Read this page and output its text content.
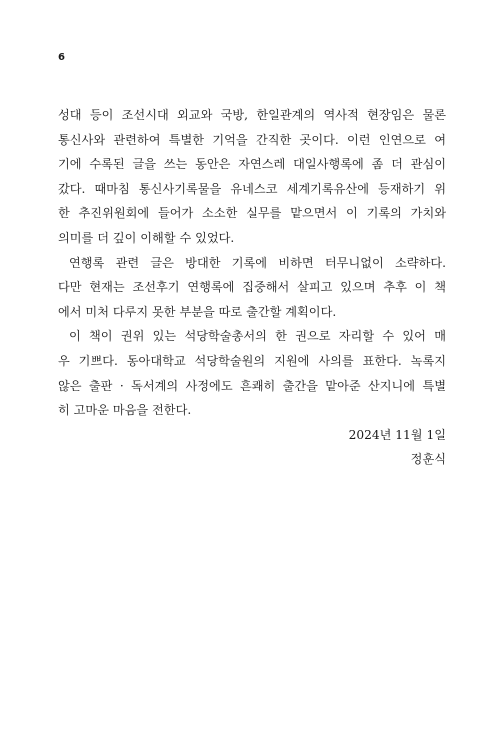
6
성대 등이 조선시대 외교와 국방, 한일관계의 역사적 현장임은 물론
통신사와 관련하여 특별한 기억을 간직한 곳이다. 이런 인연으로 여
기에 수록된 글을 쓰는 동안은 자연스레 대일사행록에 좀 더 관심이
갔다. 때마침 통신사기록물을 유네스코 세계기록유산에 등재하기 위
한 추진위원회에 들어가 소소한 실무를 맡으면서 이 기록의 가치와
의미를 더 깊이 이해할 수 있었다.
연행록 관련 글은 방대한 기록에 비하면 터무니없이 소략하다.
다만 현재는 조선후기 연행록에 집중해서 살피고 있으며 추후 이 책
에서 미처 다루지 못한 부분을 따로 출간할 계획이다.
이 책이 권위 있는 석당학술총서의 한 권으로 자리할 수 있어 매
우 기쁘다. 동아대학교 석당학술원의 지원에 사의를 표한다. 녹록지
않은 출판 · 독서계의 사정에도 흔쾌히 출간을 맡아준 산지니에 특별
히 고마운 마음을 전한다.
2024년 11월 1일
정훈식
